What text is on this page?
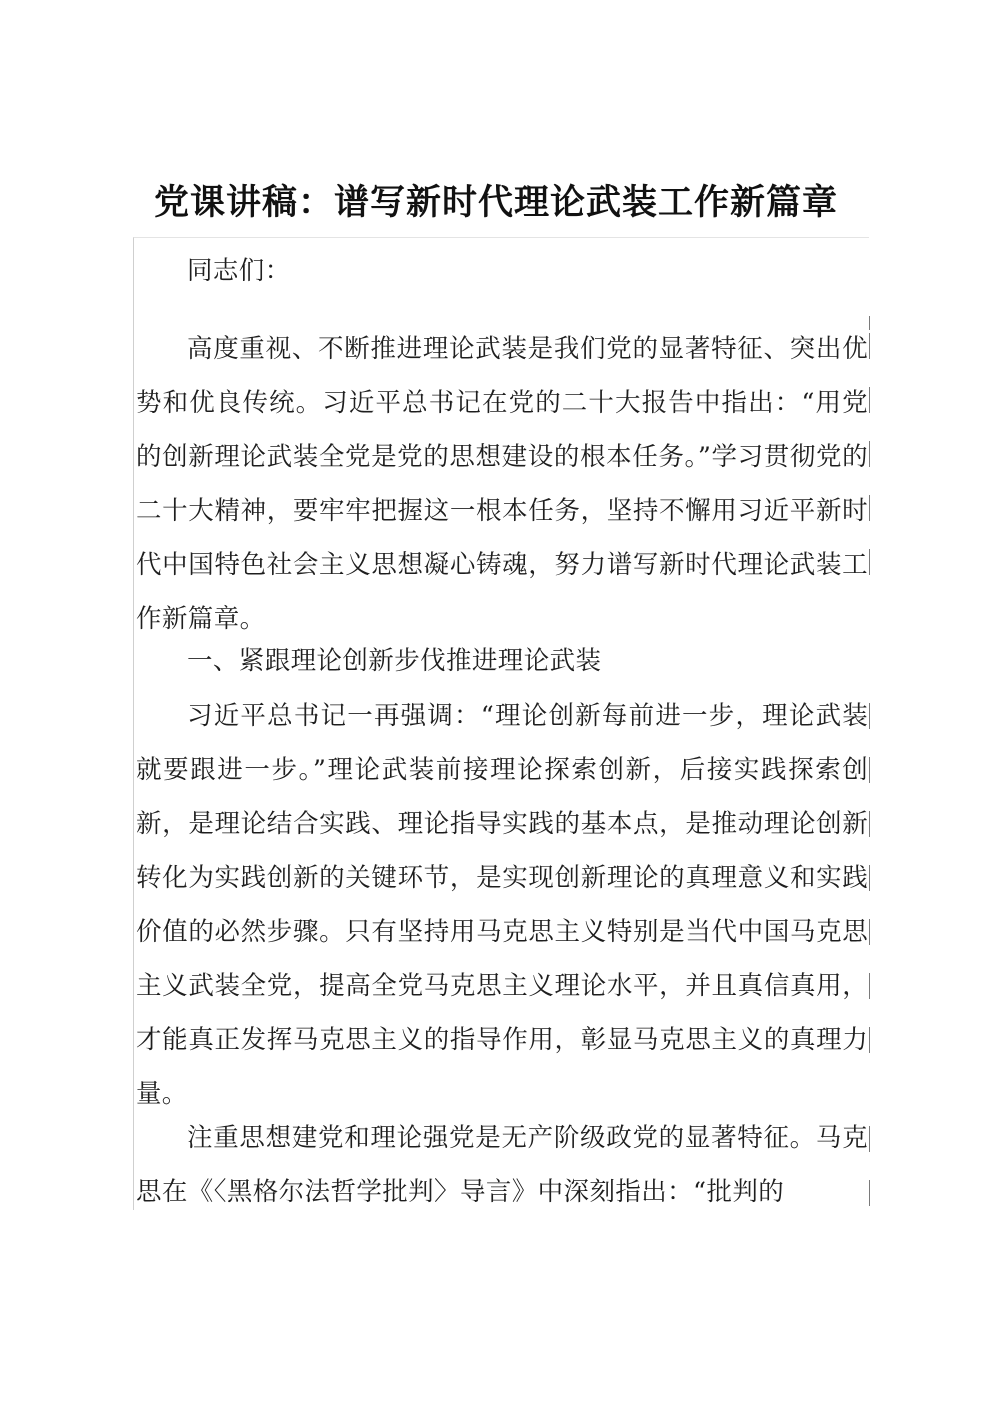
党课讲稿：谱写新时代理论武装工作新篇章

同志们：

高度重视、不断推进理论武装是我们党的显著特征、突出优势和优良传统。习近平总书记在党的二十大报告中指出：“用党的创新理论武装全党是党的思想建设的根本任务。”学习贯彻党的二十大精神，要牢牢把握这一根本任务，坚持不懈用习近平新时代中国特色社会主义思想凝心铸魂，努力谱写新时代理论武装工作新篇章。

一、紧跟理论创新步伐推进理论武装

习近平总书记一再强调：“理论创新每前进一步，理论武装就要跟进一步。”理论武装前接理论探索创新，后接实践探索创新，是理论结合实践、理论指导实践的基本点，是推动理论创新转化为实践创新的关键环节，是实现创新理论的真理意义和实践价值的必然步骤。只有坚持用马克思主义特别是当代中国马克思主义武装全党，提高全党马克思主义理论水平，并且真信真用，才能真正发挥马克思主义的指导作用，彰显马克思主义的真理力量。

注重思想建党和理论强党是无产阶级政党的显著特征。马克思在《〈黑格尔法哲学批判〉导言》中深刻指出：“批判的
